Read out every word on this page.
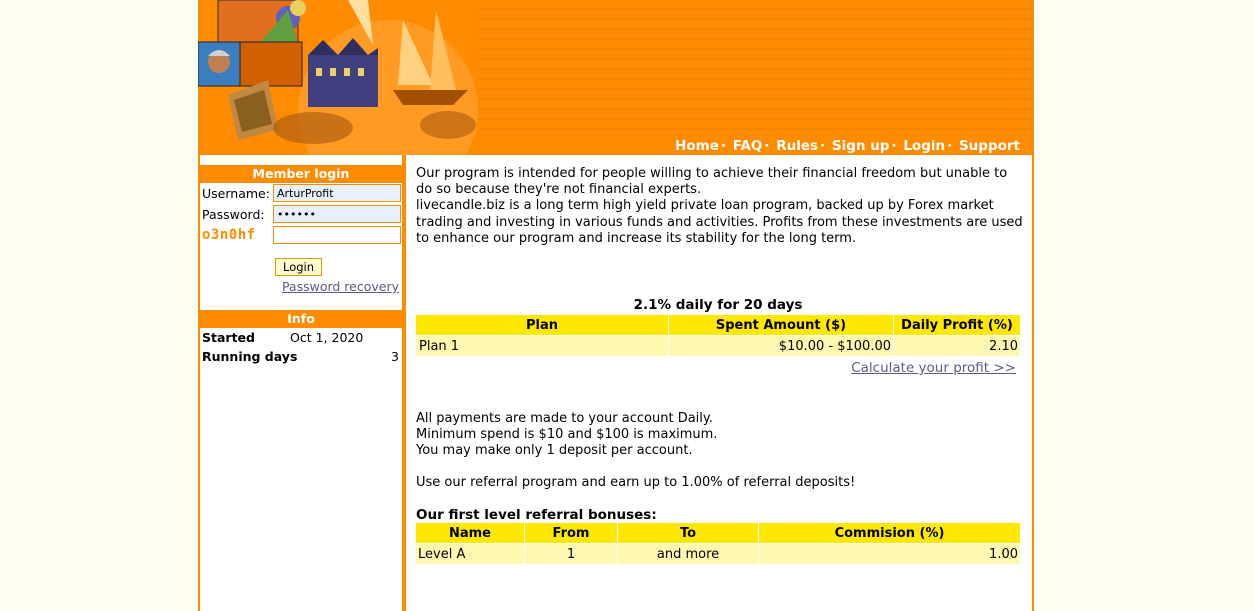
Home · FAQ · Rules · Sign up · Login · Support
Member login
Username:
ArturProfit
Password:
••••••
o3n0hf
Login
Password recovery
Info
Started	Oct 1, 2020
Running days	3
Our program is intended for people willing to achieve their financial freedom but unable to do so because they're not financial experts.
livecandle.biz is a long term high yield private loan program, backed up by Forex market trading and investing in various funds and activities. Profits from these investments are used to enhance our program and increase its stability for the long term.
2.1% daily for 20 days
Plan	Spent Amount ($)	Daily Profit (%)
Plan 1	$10.00 - $100.00	2.10
Calculate your profit >>
All payments are made to your account Daily.
Minimum spend is $10 and $100 is maximum.
You may make only 1 deposit per account.
Use our referral program and earn up to 1.00% of referral deposits!
Our first level referral bonuses:
Name	From	To	Commision (%)
Level A	1	and more	1.00
